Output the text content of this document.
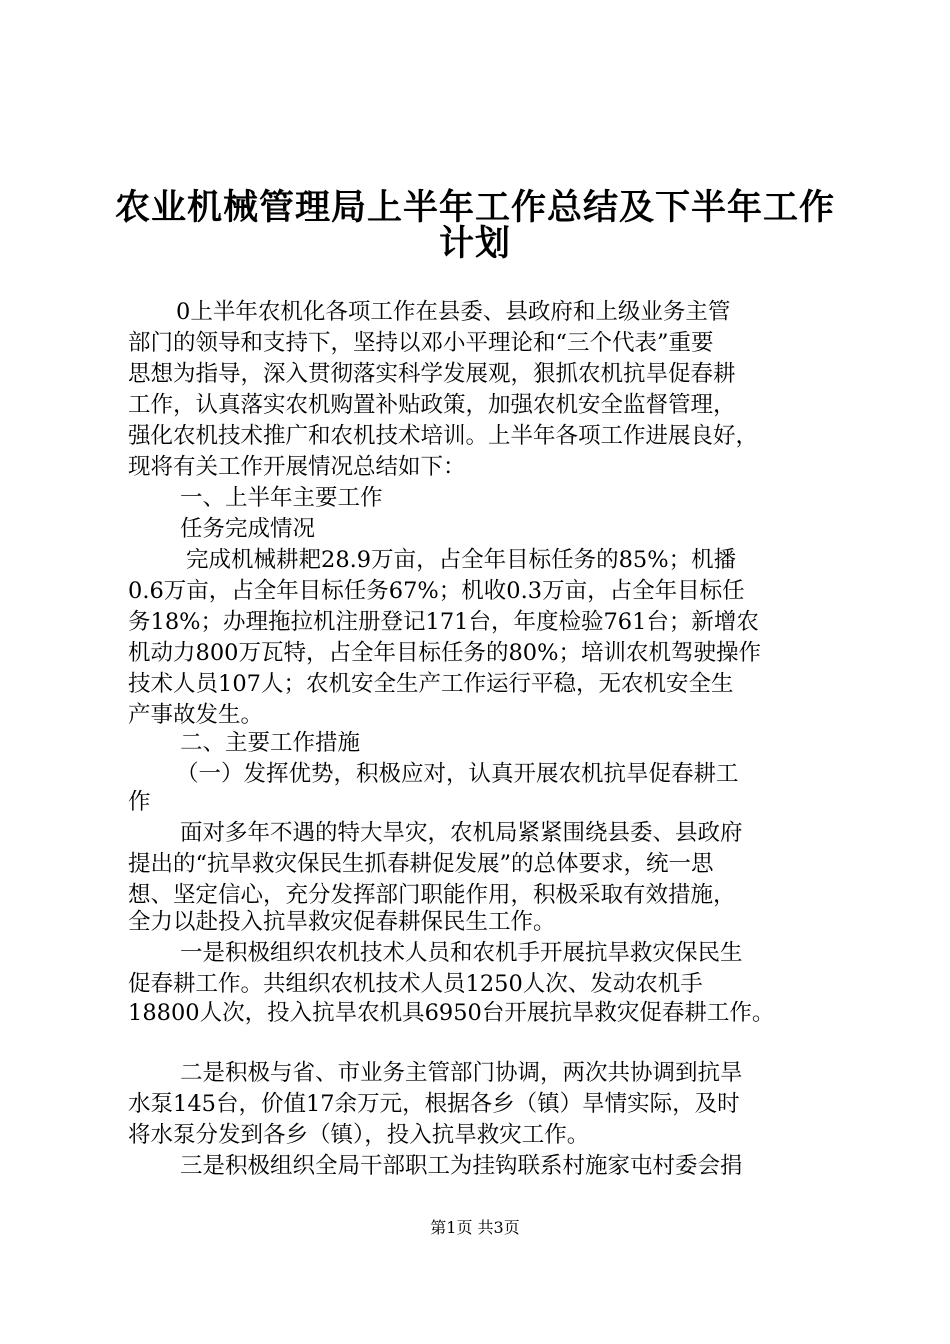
农业机械管理局上半年工作总结及下半年工作
计划
0上半年农机化各项工作在县委、县政府和上级业务主管
部门的领导和支持下，坚持以邓小平理论和“三个代表”重要
思想为指导，深入贯彻落实科学发展观，狠抓农机抗旱促春耕
工作，认真落实农机购置补贴政策，加强农机安全监督管理，
强化农机技术推广和农机技术培训。上半年各项工作进展良好，
现将有关工作开展情况总结如下：
一、上半年主要工作
任务完成情况
完成机械耕耙28.9万亩，占全年目标任务的85%；机播
0.6万亩，占全年目标任务67%；机收0.3万亩，占全年目标任
务18%；办理拖拉机注册登记171台，年度检验761台；新增农
机动力800万瓦特，占全年目标任务的80%；培训农机驾驶操作
技术人员107人；农机安全生产工作运行平稳，无农机安全生
产事故发生。
二、主要工作措施
（一）发挥优势，积极应对，认真开展农机抗旱促春耕工
作
面对多年不遇的特大旱灾，农机局紧紧围绕县委、县政府
提出的“抗旱救灾保民生抓春耕促发展”的总体要求，统一思
想、坚定信心，充分发挥部门职能作用，积极采取有效措施，
全力以赴投入抗旱救灾促春耕保民生工作。
一是积极组织农机技术人员和农机手开展抗旱救灾保民生
促春耕工作。共组织农机技术人员1250人次、发动农机手
18800人次，投入抗旱农机具6950台开展抗旱救灾促春耕工作。
二是积极与省、市业务主管部门协调，两次共协调到抗旱
水泵145台，价值17余万元，根据各乡（镇）旱情实际，及时
将水泵分发到各乡（镇），投入抗旱救灾工作。
三是积极组织全局干部职工为挂钩联系村施家屯村委会捐
第1页 共3页
